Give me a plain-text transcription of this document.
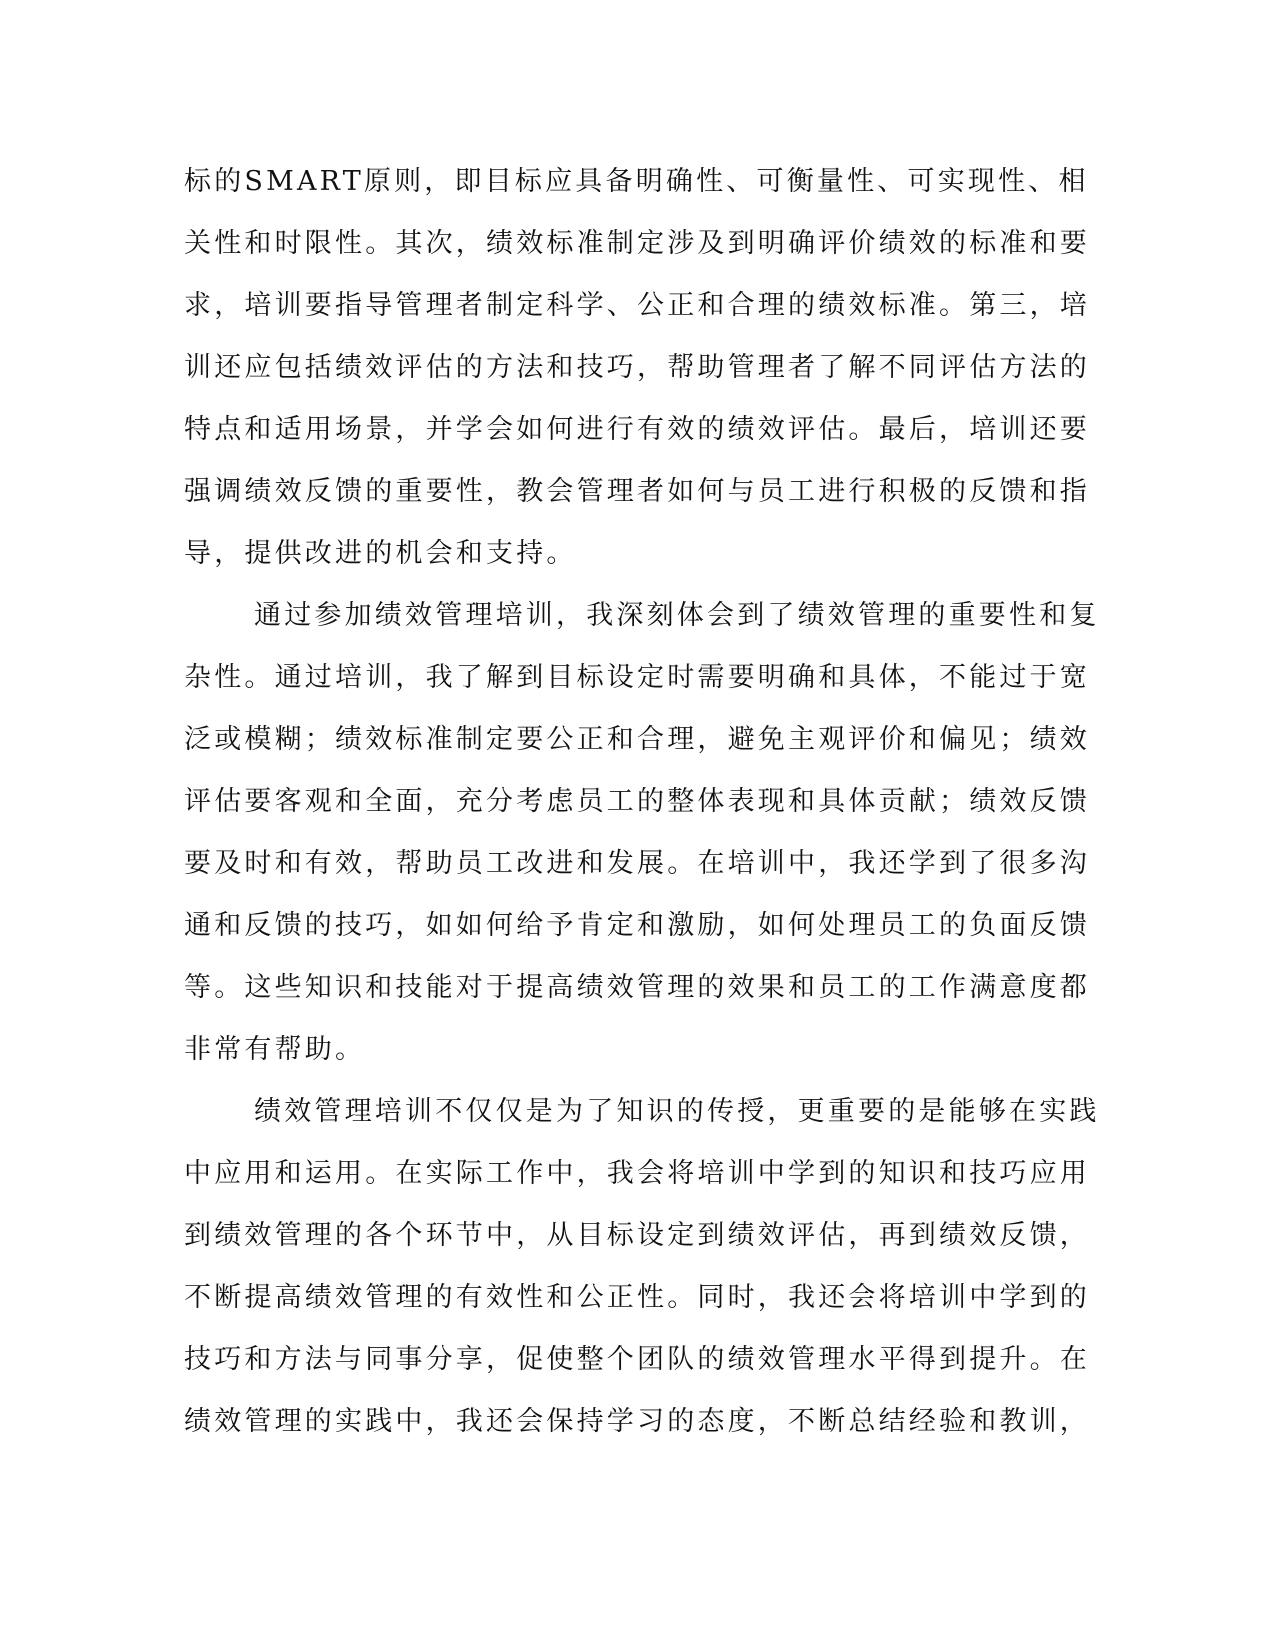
标的SMART原则，即目标应具备明确性、可衡量性、可实现性、相
关性和时限性。其次，绩效标准制定涉及到明确评价绩效的标准和要
求，培训要指导管理者制定科学、公正和合理的绩效标准。第三，培
训还应包括绩效评估的方法和技巧，帮助管理者了解不同评估方法的
特点和适用场景，并学会如何进行有效的绩效评估。最后，培训还要
强调绩效反馈的重要性，教会管理者如何与员工进行积极的反馈和指
导，提供改进的机会和支持。
通过参加绩效管理培训，我深刻体会到了绩效管理的重要性和复
杂性。通过培训，我了解到目标设定时需要明确和具体，不能过于宽
泛或模糊；绩效标准制定要公正和合理，避免主观评价和偏见；绩效
评估要客观和全面，充分考虑员工的整体表现和具体贡献；绩效反馈
要及时和有效，帮助员工改进和发展。在培训中，我还学到了很多沟
通和反馈的技巧，如如何给予肯定和激励，如何处理员工的负面反馈
等。这些知识和技能对于提高绩效管理的效果和员工的工作满意度都
非常有帮助。
绩效管理培训不仅仅是为了知识的传授，更重要的是能够在实践
中应用和运用。在实际工作中，我会将培训中学到的知识和技巧应用
到绩效管理的各个环节中，从目标设定到绩效评估，再到绩效反馈，
不断提高绩效管理的有效性和公正性。同时，我还会将培训中学到的
技巧和方法与同事分享，促使整个团队的绩效管理水平得到提升。在
绩效管理的实践中，我还会保持学习的态度，不断总结经验和教训，
